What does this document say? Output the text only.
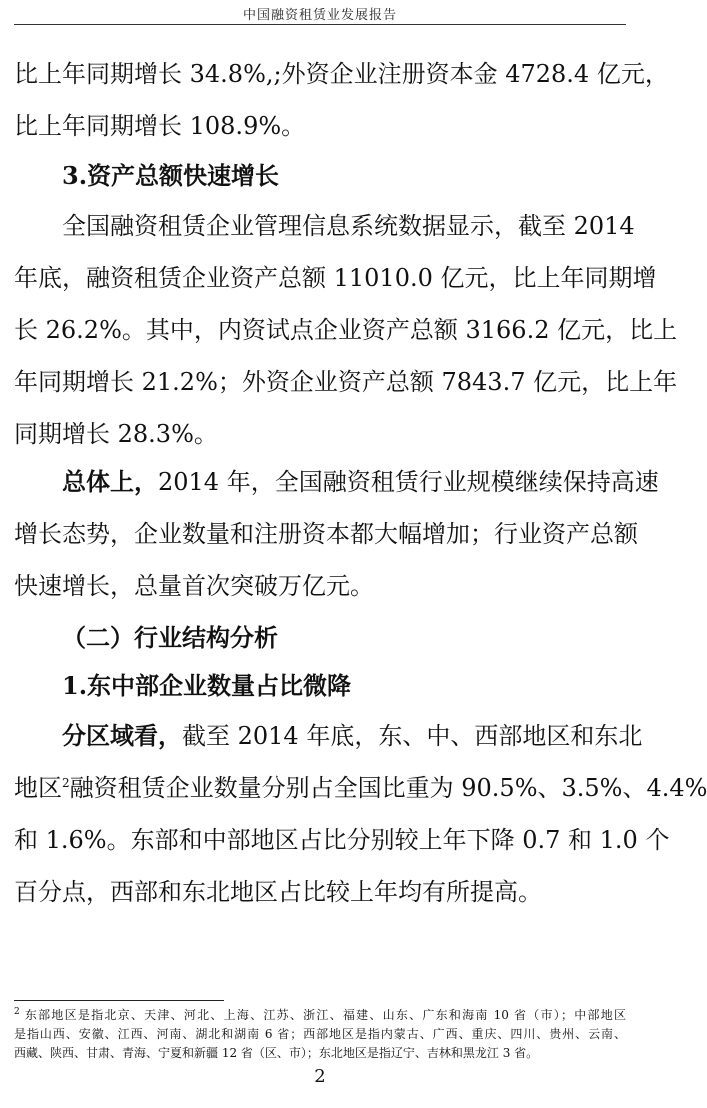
中国融资租赁业发展报告
比上年同期增长 34.8%,;外资企业注册资本金 4728.4 亿元，
比上年同期增长 108.9%。
3.资产总额快速增长
全国融资租赁企业管理信息系统数据显示，截至 2014
年底，融资租赁企业资产总额 11010.0 亿元，比上年同期增
长 26.2%。其中，内资试点企业资产总额 3166.2 亿元，比上
年同期增长 21.2%；外资企业资产总额 7843.7 亿元，比上年
同期增长 28.3%。
总体上，2014 年，全国融资租赁行业规模继续保持高速
增长态势，企业数量和注册资本都大幅增加；行业资产总额
快速增长，总量首次突破万亿元。
（二）行业结构分析
1.东中部企业数量占比微降
分区域看，截至 2014 年底，东、中、西部地区和东北
地区$^2$融资租赁企业数量分别占全国比重为 90.5%、3.5%、4.4%
和 1.6%。东部和中部地区占比分别较上年下降 0.7 和 1.0 个
百分点，西部和东北地区占比较上年均有所提高。
$^2$ 东部地区是指北京、天津、河北、上海、江苏、浙江、福建、山东、广东和海南 10 省（市）；中部地区
是指山西、安徽、江西、河南、湖北和湖南 6 省；西部地区是指内蒙古、广西、重庆、四川、贵州、云南、
西藏、陕西、甘肃、青海、宁夏和新疆 12 省（区、市）；东北地区是指辽宁、吉林和黑龙江 3 省。
2
